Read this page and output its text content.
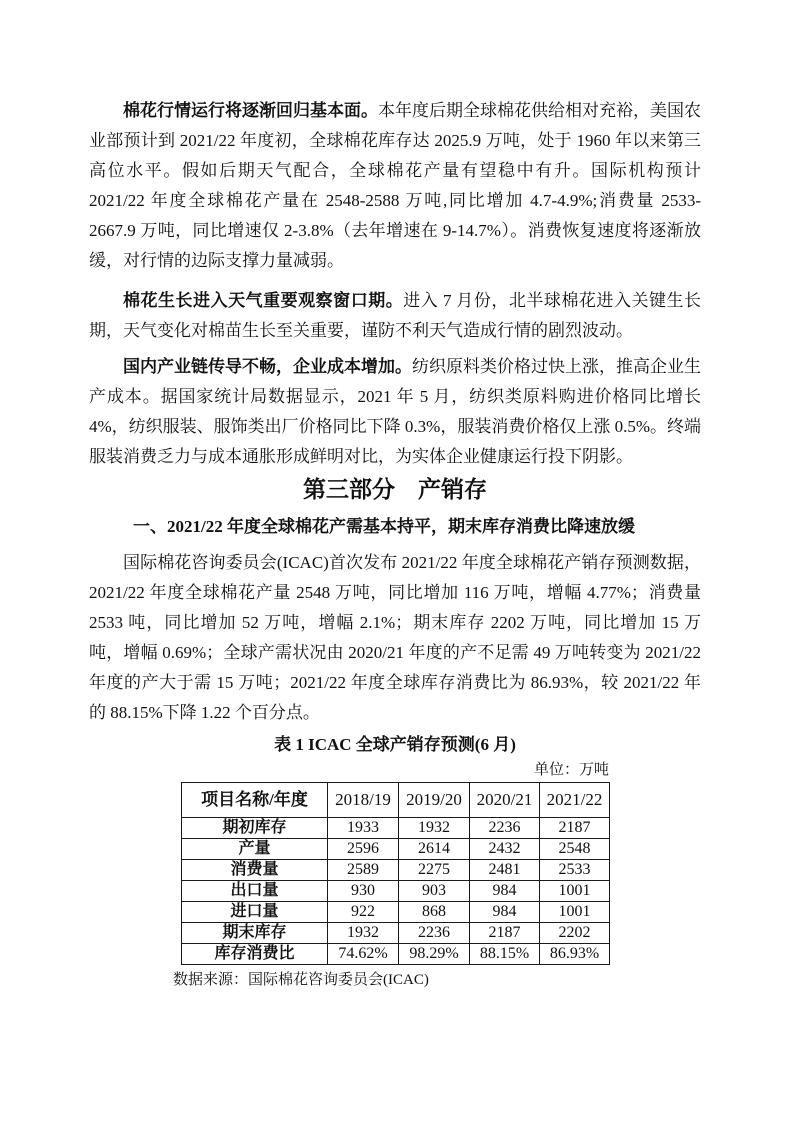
棉花行情运行将逐渐回归基本面。本年度后期全球棉花供给相对充裕，美国农业部预计到 2021/22 年度初，全球棉花库存达 2025.9 万吨，处于 1960 年以来第三高位水平。假如后期天气配合，全球棉花产量有望稳中有升。国际机构预计 2021/22 年度全球棉花产量在 2548-2588 万吨,同比增加 4.7-4.9%;消费量 2533-2667.9 万吨，同比增速仅 2-3.8%（去年增速在 9-14.7%）。消费恢复速度将逐渐放缓，对行情的边际支撑力量减弱。

棉花生长进入天气重要观察窗口期。进入 7 月份，北半球棉花进入关键生长期，天气变化对棉苗生长至关重要，谨防不利天气造成行情的剧烈波动。

国内产业链传导不畅，企业成本增加。纺织原料类价格过快上涨，推高企业生产成本。据国家统计局数据显示，2021 年 5 月，纺织类原料购进价格同比增长 4%，纺织服装、服饰类出厂价格同比下降 0.3%，服装消费价格仅上涨 0.5%。终端服装消费乏力与成本通胀形成鲜明对比，为实体企业健康运行投下阴影。

第三部分　产销存
一、2021/22 年度全球棉花产需基本持平，期末库存消费比降速放缓

国际棉花咨询委员会(ICAC)首次发布 2021/22 年度全球棉花产销存预测数据，2021/22 年度全球棉花产量 2548 万吨，同比增加 116 万吨，增幅 4.77%；消费量 2533 吨，同比增加 52 万吨，增幅 2.1%；期末库存 2202 万吨，同比增加 15 万吨，增幅 0.69%；全球产需状况由 2020/21 年度的产不足需 49 万吨转变为 2021/22 年度的产大于需 15 万吨；2021/22 年度全球库存消费比为 86.93%，较 2021/22 年的 88.15%下降 1.22 个百分点。

表 1 ICAC 全球产销存预测(6 月)
单位：万吨
项目名称/年度	2018/19	2019/20	2020/21	2021/22
期初库存	1933	1932	2236	2187
产量	2596	2614	2432	2548
消费量	2589	2275	2481	2533
出口量	930	903	984	1001
进口量	922	868	984	1001
期末库存	1932	2236	2187	2202
库存消费比	74.62%	98.29%	88.15%	86.93%
数据来源：国际棉花咨询委员会(ICAC)
